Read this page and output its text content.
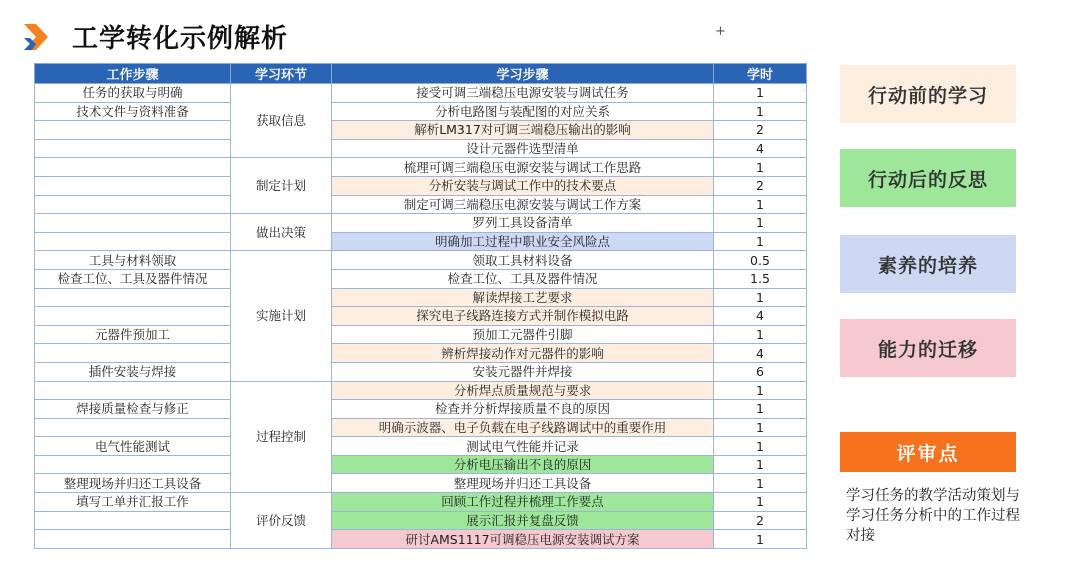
工学转化示例解析	+
工作步骤	学习环节	学习步骤	学时
任务的获取与明确	获取信息	接受可调三端稳压电源安装与调试任务	1
技术文件与资料准备		分析电路图与装配图的对应关系	1
		解析LM317对可调三端稳压输出的影响	2
		设计元器件选型清单	4
	制定计划	梳理可调三端稳压电源安装与调试工作思路	1
		分析安装与调试工作中的技术要点	2
		制定可调三端稳压电源安装与调试工作方案	1
	做出决策	罗列工具设备清单	1
		明确加工过程中职业安全风险点	1
工具与材料领取	实施计划	领取工具材料设备	0.5
检查工位、工具及器件情况		检查工位、工具及器件情况	1.5
		解读焊接工艺要求	1
		探究电子线路连接方式并制作模拟电路	4
元器件预加工		预加工元器件引脚	1
		辨析焊接动作对元器件的影响	4
插件安装与焊接		安装元器件并焊接	6
	过程控制	分析焊点质量规范与要求	1
焊接质量检查与修正		检查并分析焊接质量不良的原因	1
		明确示波器、电子负载在电子线路调试中的重要作用	1
电气性能测试		测试电气性能并记录	1
		分析电压输出不良的原因	1
整理现场并归还工具设备		整理现场并归还工具设备	1
填写工单并汇报工作	评价反馈	回顾工作过程并梳理工作要点	1
		展示汇报并复盘反馈	2
		研讨AMS1117可调稳压电源安装调试方案	1
行动前的学习
行动后的反思
素养的培养
能力的迁移
评审点
学习任务的教学活动策划与学习任务分析中的工作过程对接
